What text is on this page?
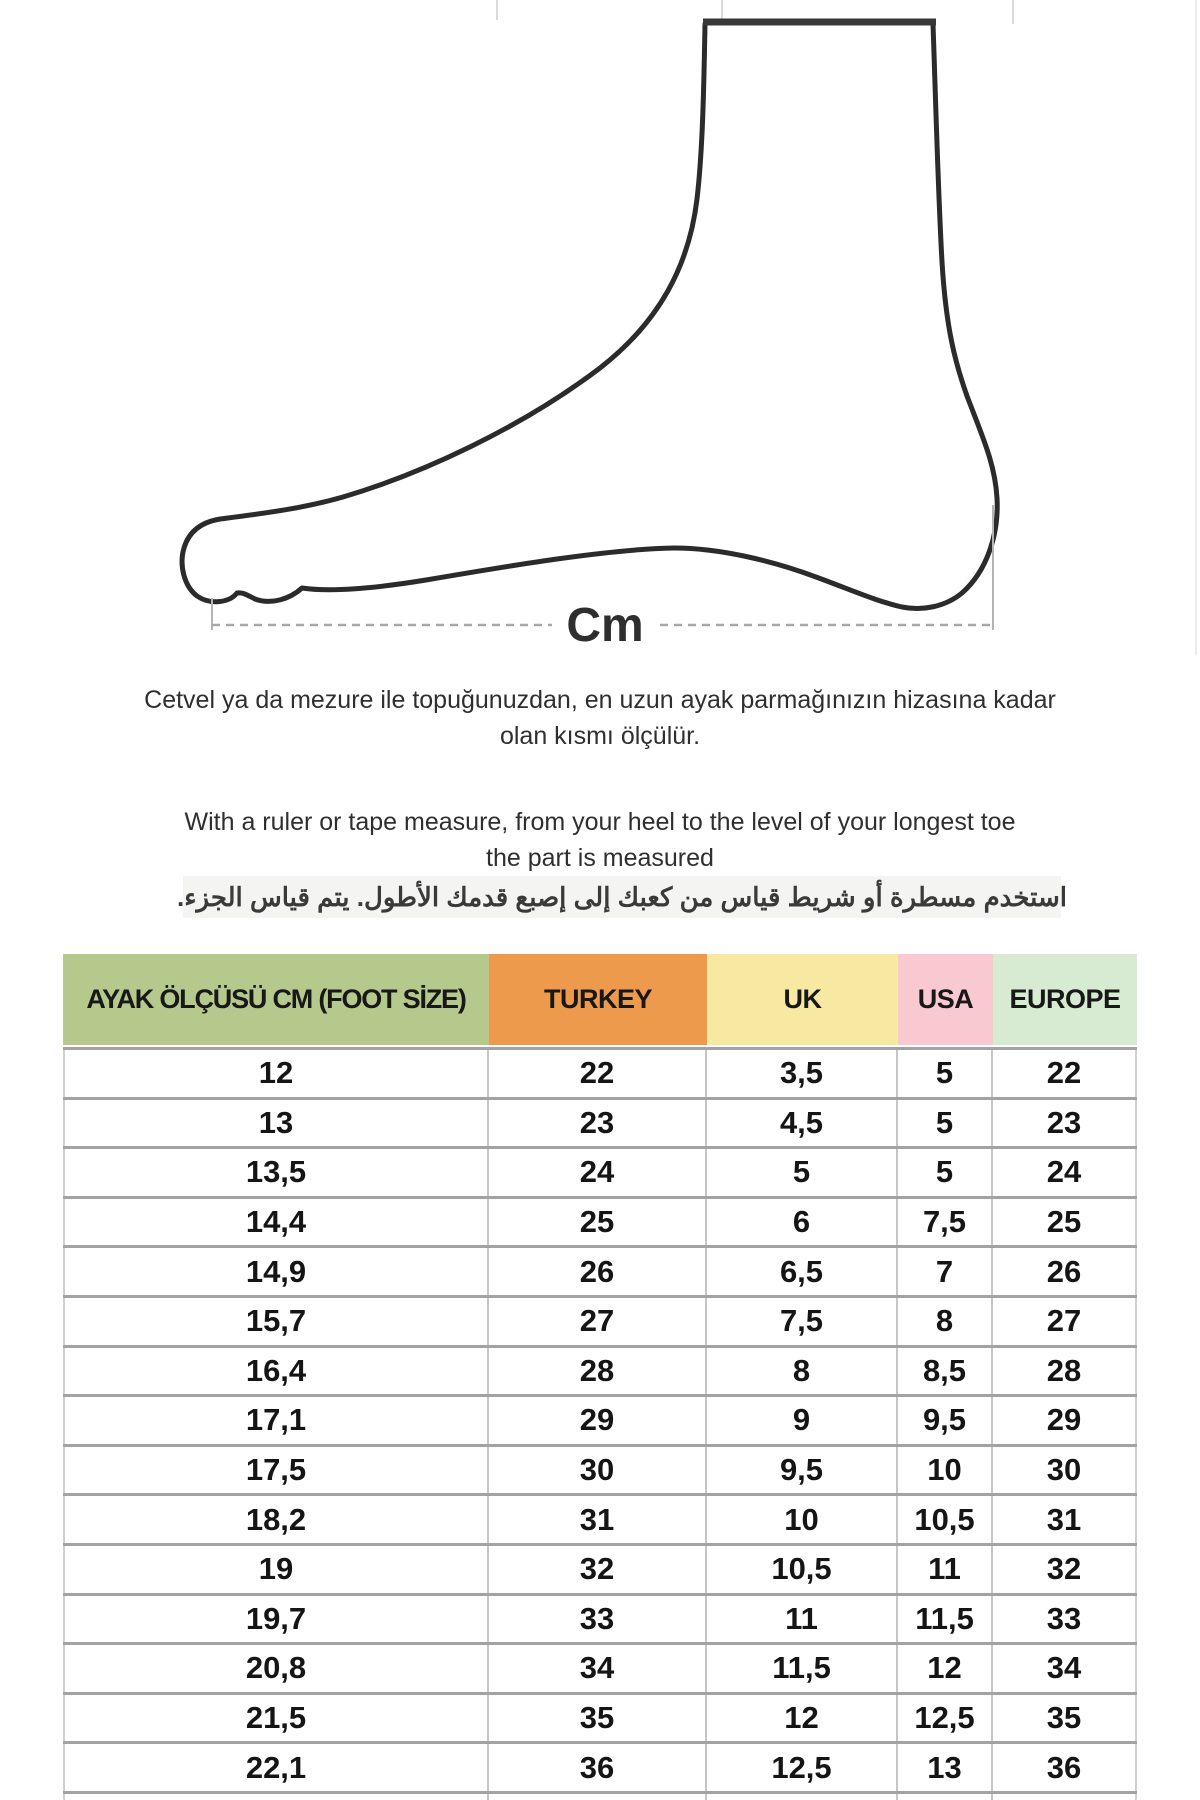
Cm
Cetvel ya da mezure ile topuğunuzdan, en uzun ayak parmağınızın hizasına kadar
olan kısmı ölçülür.
With a ruler or tape measure, from your heel to the level of your longest toe
the part is measured
استخدم مسطرة أو شريط قياس من كعبك إلى إصبع قدمك الأطول. يتم قياس الجزء.
AYAK ÖLÇÜSÜ CM (FOOT SİZE)	TURKEY	UK	USA	EUROPE
12	22	3,5	5	22
13	23	4,5	5	23
13,5	24	5	5	24
14,4	25	6	7,5	25
14,9	26	6,5	7	26
15,7	27	7,5	8	27
16,4	28	8	8,5	28
17,1	29	9	9,5	29
17,5	30	9,5	10	30
18,2	31	10	10,5	31
19	32	10,5	11	32
19,7	33	11	11,5	33
20,8	34	11,5	12	34
21,5	35	12	12,5	35
22,1	36	12,5	13	36
